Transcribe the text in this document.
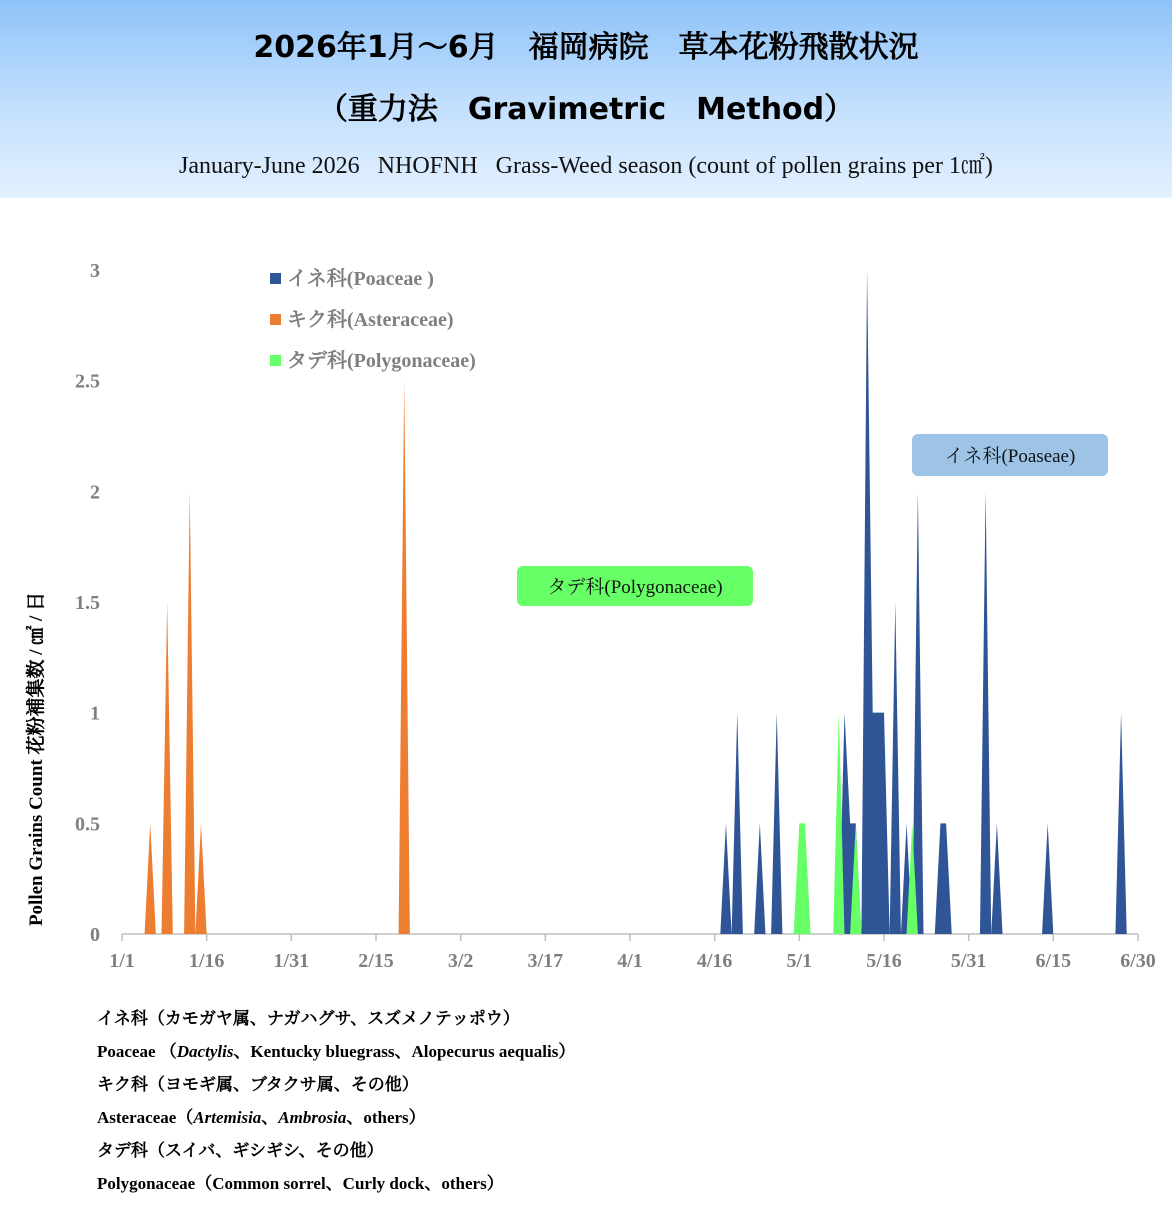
2026年1月～6月　福岡病院　草本花粉飛散状況
（重力法　Gravimetric　Method）
January-June 2026   NHOFNH   Grass-Weed season (count of pollen grains per 1㎠)
0
0.5
1
1.5
2
2.5
3
1/1	1/16 1/31 2/15	3/2	3/17	4/1	4/16	5/1	5/16 5/31 6/15 6/30
イネ科(Poaceae )
キク科(Asteraceae)
タデ科(Polygonaceae)
タデ科(Polygonaceae)
イネ科(Poaseae)
Pollen Grains Count 花粉補集数 / ㎠ / 日
イネ科（カモガヤ属、ナガハグサ、スズメノテッポウ）
Poaceae （Dactylis、Kentucky bluegrass、Alopecurus aequalis）
キク科（ヨモギ属、ブタクサ属、その他）
Asteraceae（Artemisia、Ambrosia、others）
タデ科（スイバ、ギシギシ、その他）
Polygonaceae（Common sorrel、Curly dock、others）
